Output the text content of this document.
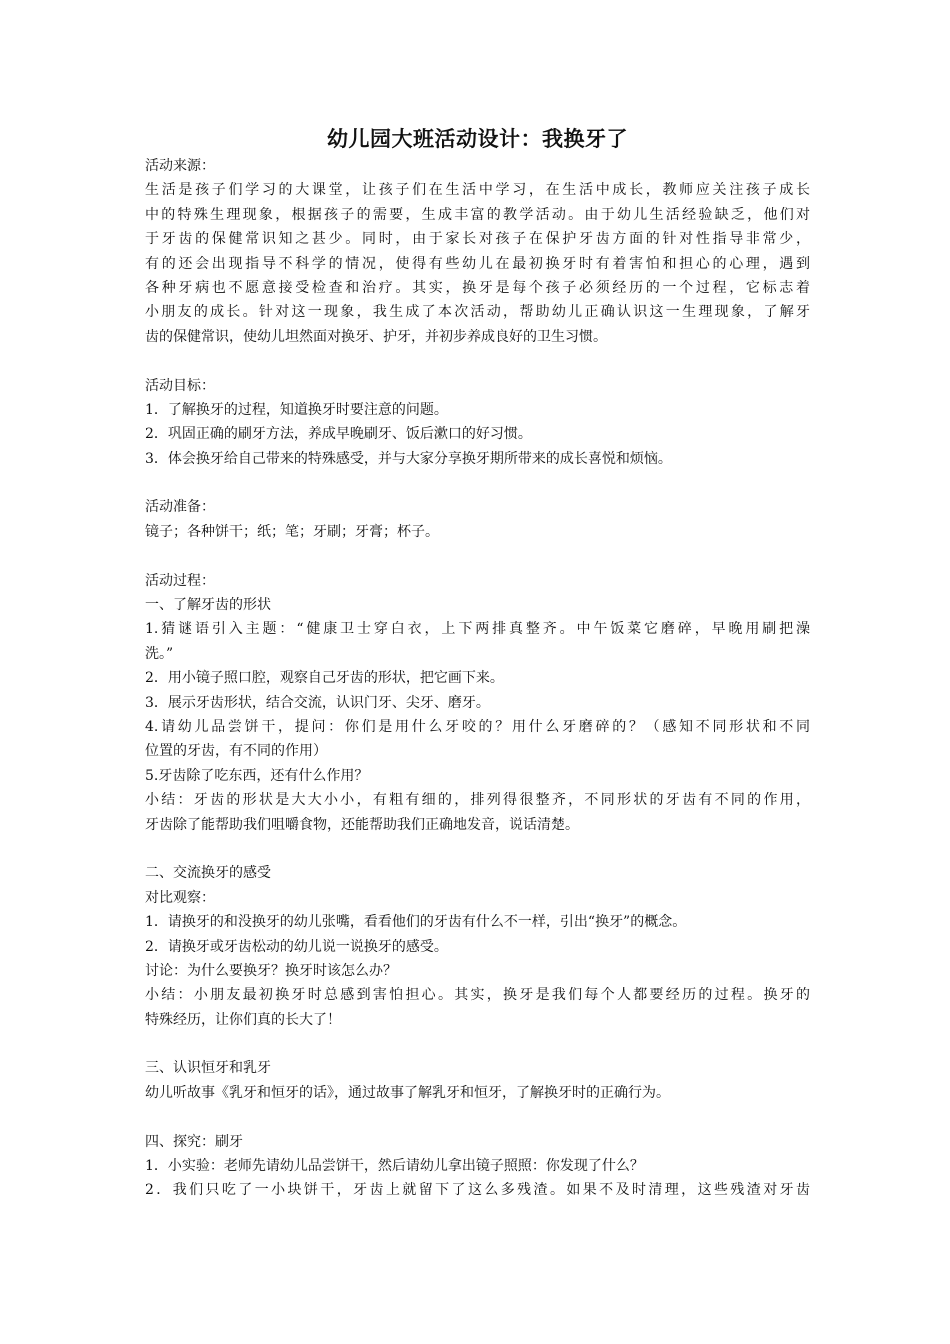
幼儿园大班活动设计：我换牙了

活动来源：

生活是孩子们学习的大课堂，让孩子们在生活中学习，在生活中成长，教师应关注孩子成长

中的特殊生理现象，根据孩子的需要，生成丰富的教学活动。由于幼儿生活经验缺乏，他们对

于牙齿的保健常识知之甚少。同时，由于家长对孩子在保护牙齿方面的针对性指导非常少，

有的还会出现指导不科学的情况，使得有些幼儿在最初换牙时有着害怕和担心的心理，遇到

各种牙病也不愿意接受检查和治疗。其实，换牙是每个孩子必须经历的一个过程，它标志着

小朋友的成长。针对这一现象，我生成了本次活动，帮助幼儿正确认识这一生理现象，了解牙

齿的保健常识，使幼儿坦然面对换牙、护牙，并初步养成良好的卫生习惯。

活动目标：

1．了解换牙的过程，知道换牙时要注意的问题。

2．巩固正确的刷牙方法，养成早晚刷牙、饭后漱口的好习惯。

3．体会换牙给自己带来的特殊感受，并与大家分享换牙期所带来的成长喜悦和烦恼。

活动准备：

镜子；各种饼干；纸；笔；牙刷；牙膏；杯子。

活动过程：

一、了解牙齿的形状

1.猜谜语引入主题：“健康卫士穿白衣，上下两排真整齐。中午饭菜它磨碎，早晚用刷把澡

洗。”

2．用小镜子照口腔，观察自己牙齿的形状，把它画下来。

3．展示牙齿形状，结合交流，认识门牙、尖牙、磨牙。

4.请幼儿品尝饼干，提问：你们是用什么牙咬的？用什么牙磨碎的？（感知不同形状和不同

位置的牙齿，有不同的作用）

5.牙齿除了吃东西，还有什么作用？

小结：牙齿的形状是大大小小，有粗有细的，排列得很整齐，不同形状的牙齿有不同的作用，

牙齿除了能帮助我们咀嚼食物，还能帮助我们正确地发音，说话清楚。

二、交流换牙的感受

对比观察：

1．请换牙的和没换牙的幼儿张嘴，看看他们的牙齿有什么不一样，引出“换牙”的概念。

2．请换牙或牙齿松动的幼儿说一说换牙的感受。

讨论：为什么要换牙？换牙时该怎么办？

小结：小朋友最初换牙时总感到害怕担心。其实，换牙是我们每个人都要经历的过程。换牙的

特殊经历，让你们真的长大了！

三、认识恒牙和乳牙

幼儿听故事《乳牙和恒牙的话》，通过故事了解乳牙和恒牙，了解换牙时的正确行为。

四、探究：刷牙

1．小实验：老师先请幼儿品尝饼干，然后请幼儿拿出镜子照照：你发现了什么？

2．我们只吃了一小块饼干，牙齿上就留下了这么多残渣。如果不及时清理，这些残渣对牙齿
